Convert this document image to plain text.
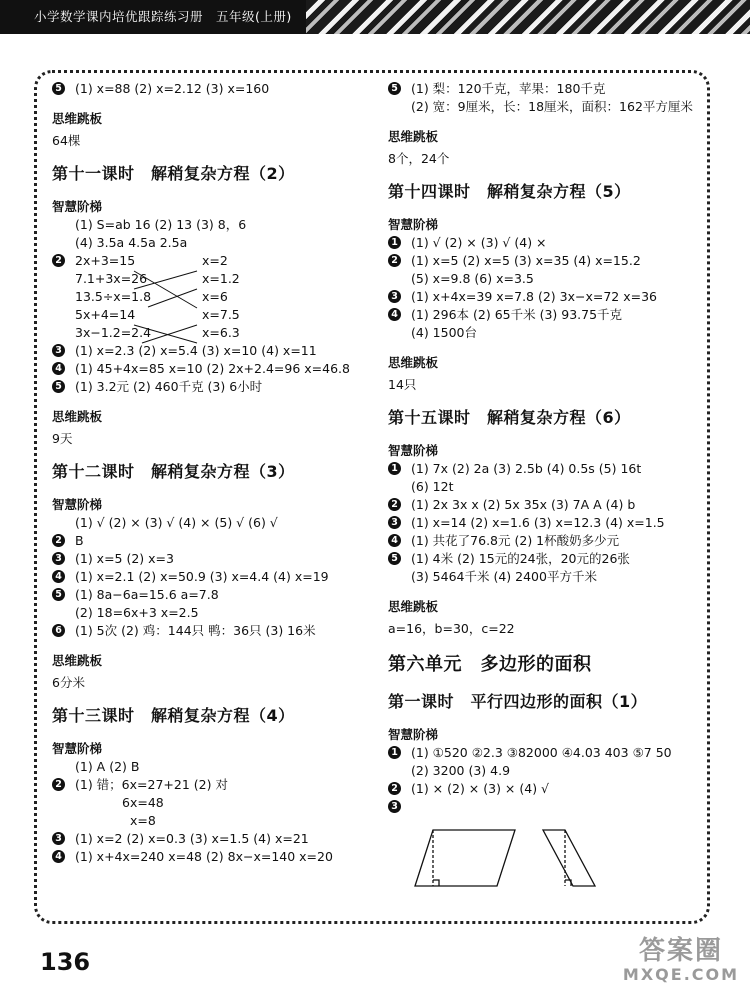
小学数学课内培优跟踪练习册　五年级(上册)
5 (1) x=88 (2) x=2.12 (3) x=160
思维跳板
64棵
第十一课时　解稍复杂方程（2）
智慧阶梯
(1) S=ab 16 (2) 13 (3) 8，6
(4) 3.5a 4.5a 2.5a
2 2x+3=15	x=2
7.1+3x=26	x=1.2
13.5÷x=1.8	x=6
5x+4=14	x=7.5
3x−1.2=2.4	x=6.3
3 (1) x=2.3 (2) x=5.4 (3) x=10 (4) x=11
4 (1) 45+4x=85 x=10 (2) 2x+2.4=96 x=46.8
5 (1) 3.2元 (2) 460千克 (3) 6小时
思维跳板
9天
第十二课时　解稍复杂方程（3）
智慧阶梯
(1) √ (2) × (3) √ (4) × (5) √ (6) √
2 B
3 (1) x=5 (2) x=3
4 (1) x=2.1 (2) x=50.9 (3) x=4.4 (4) x=19
5 (1) 8a−6a=15.6 a=7.8
(2) 18=6x+3 x=2.5
6 (1) 5次 (2) 鸡：144只 鸭：36只 (3) 16米
思维跳板
6分米
第十三课时　解稍复杂方程（4）
智慧阶梯
(1) A (2) B
2 (1) 错；6x=27+21 (2) 对
6x=48
x=8
3 (1) x=2 (2) x=0.3 (3) x=1.5 (4) x=21
4 (1) x+4x=240 x=48 (2) 8x−x=140 x=20
5 (1) 梨：120千克，苹果：180千克
(2) 宽：9厘米，长：18厘米，面积：162平方厘米
思维跳板
8个，24个
第十四课时　解稍复杂方程（5）
智慧阶梯
1 (1) √ (2) × (3) √ (4) ×
2 (1) x=5 (2) x=5 (3) x=35 (4) x=15.2
(5) x=9.8 (6) x=3.5
3 (1) x+4x=39 x=7.8 (2) 3x−x=72 x=36
4 (1) 296本 (2) 65千米 (3) 93.75千克
(4) 1500台
思维跳板
14只
第十五课时　解稍复杂方程（6）
智慧阶梯
1 (1) 7x (2) 2a (3) 2.5b (4) 0.5s (5) 16t
(6) 12t
2 (1) 2x 3x x (2) 5x 35x (3) 7A A (4) b
3 (1) x=14 (2) x=1.6 (3) x=12.3 (4) x=1.5
4 (1) 共花了76.8元 (2) 1杯酸奶多少元
5 (1) 4米 (2) 15元的24张，20元的26张
(3) 5464千米 (4) 2400平方千米
思维跳板
a=16，b=30，c=22
第六单元　多边形的面积
第一课时　平行四边形的面积（1）
智慧阶梯
1 (1) ①520 ②2.3 ③82000 ④4.03 403 ⑤7 50
(2) 3200 (3) 4.9
2 (1) × (2) × (3) × (4) √
3
136	答案圈
MXQE.COM
